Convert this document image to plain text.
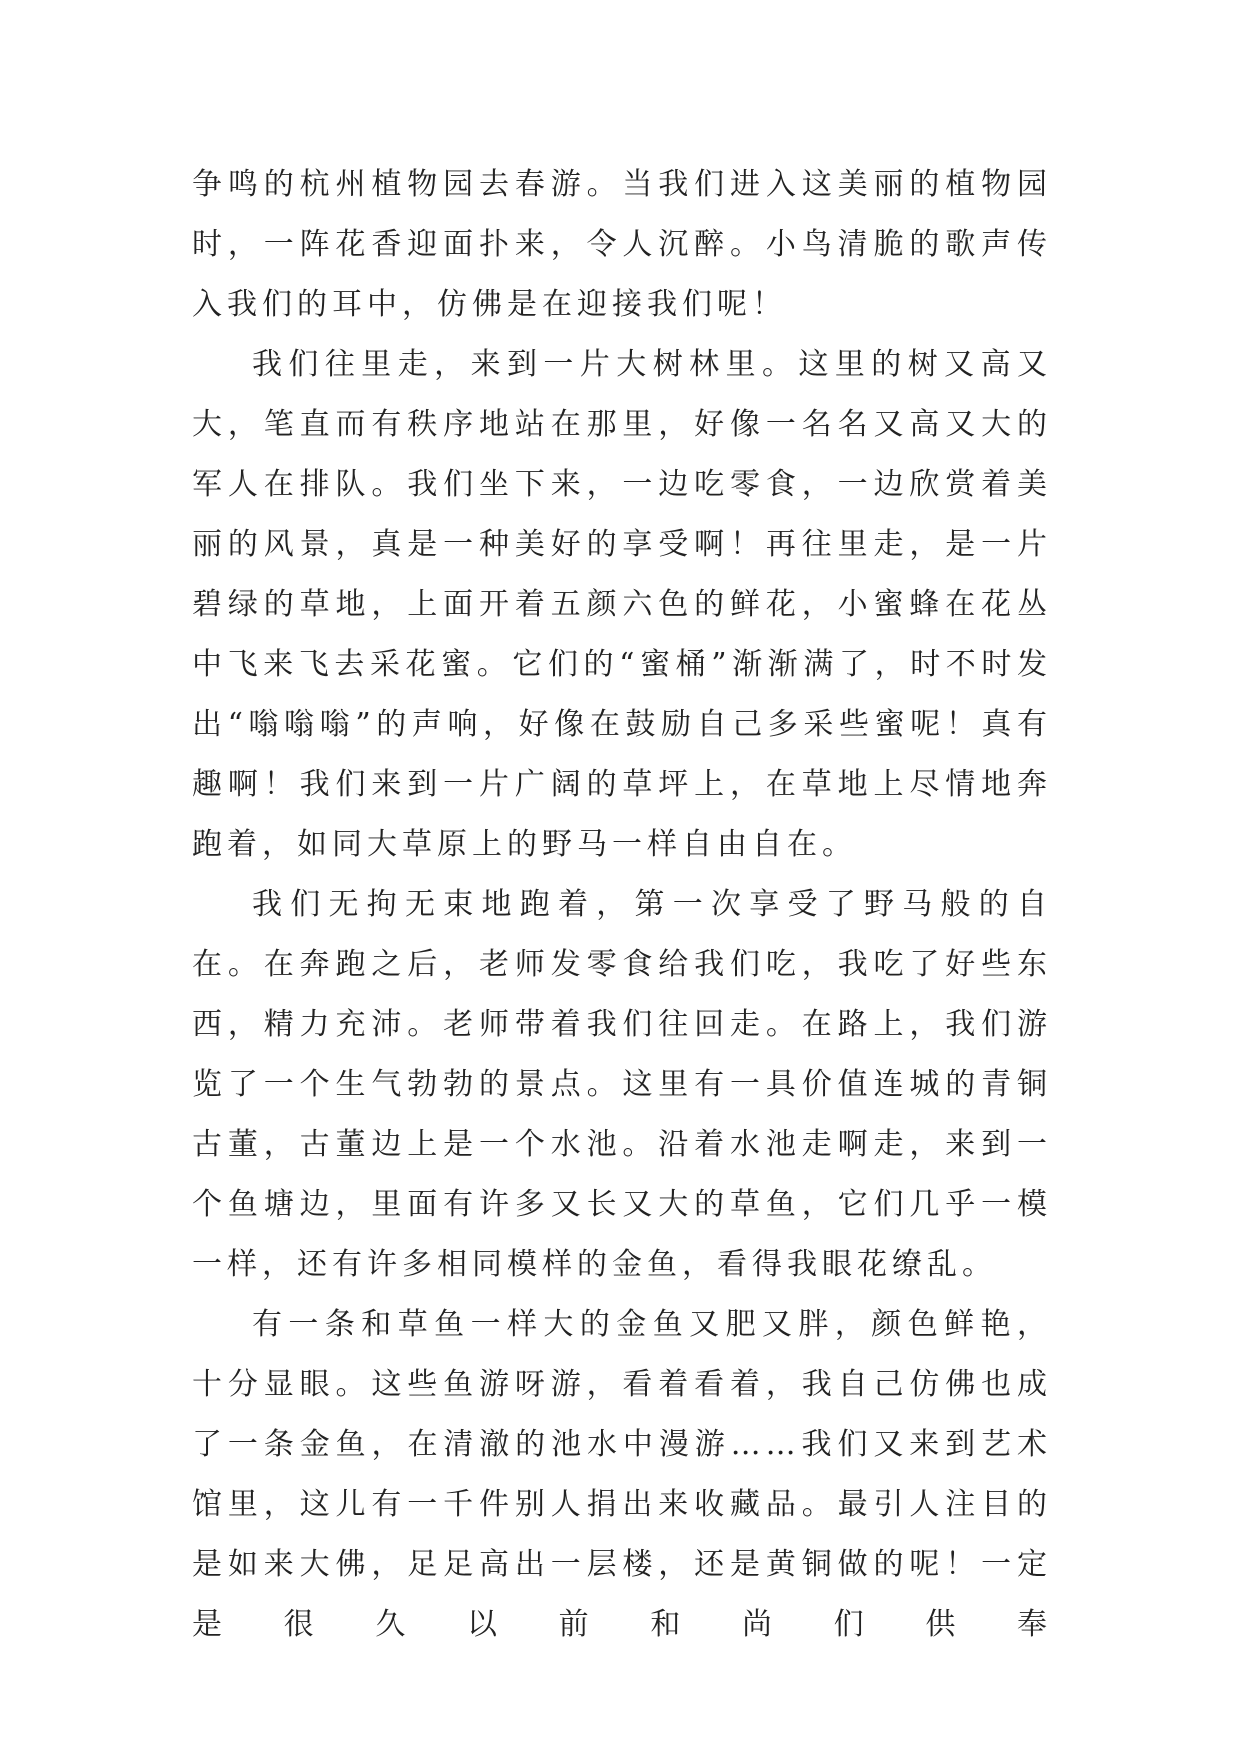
争鸣的杭州植物园去春游。当我们进入这美丽的植物园时，一阵花香迎面扑来，令人沉醉。小鸟清脆的歌声传入我们的耳中，仿佛是在迎接我们呢！

我们往里走，来到一片大树林里。这里的树又高又大，笔直而有秩序地站在那里，好像一名名又高又大的军人在排队。我们坐下来，一边吃零食，一边欣赏着美丽的风景，真是一种美好的享受啊！再往里走，是一片碧绿的草地，上面开着五颜六色的鲜花，小蜜蜂在花丛中飞来飞去采花蜜。它们的“蜜桶”渐渐满了，时不时发出“嗡嗡嗡”的声响，好像在鼓励自己多采些蜜呢！真有趣啊！我们来到一片广阔的草坪上，在草地上尽情地奔跑着，如同大草原上的野马一样自由自在。

我们无拘无束地跑着，第一次享受了野马般的自在。在奔跑之后，老师发零食给我们吃，我吃了好些东西，精力充沛。老师带着我们往回走。在路上，我们游览了一个生气勃勃的景点。这里有一具价值连城的青铜古董，古董边上是一个水池。沿着水池走啊走，来到一个鱼塘边，里面有许多又长又大的草鱼，它们几乎一模一样，还有许多相同模样的金鱼，看得我眼花缭乱。

有一条和草鱼一样大的金鱼又肥又胖，颜色鲜艳，十分显眼。这些鱼游呀游，看着看着，我自己仿佛也成了一条金鱼，在清澈的池水中漫游……我们又来到艺术馆里，这儿有一千件别人捐出来收藏品。最引人注目的是如来大佛，足足高出一层楼，还是黄铜做的呢！一定是很久以前和尚们供奉
